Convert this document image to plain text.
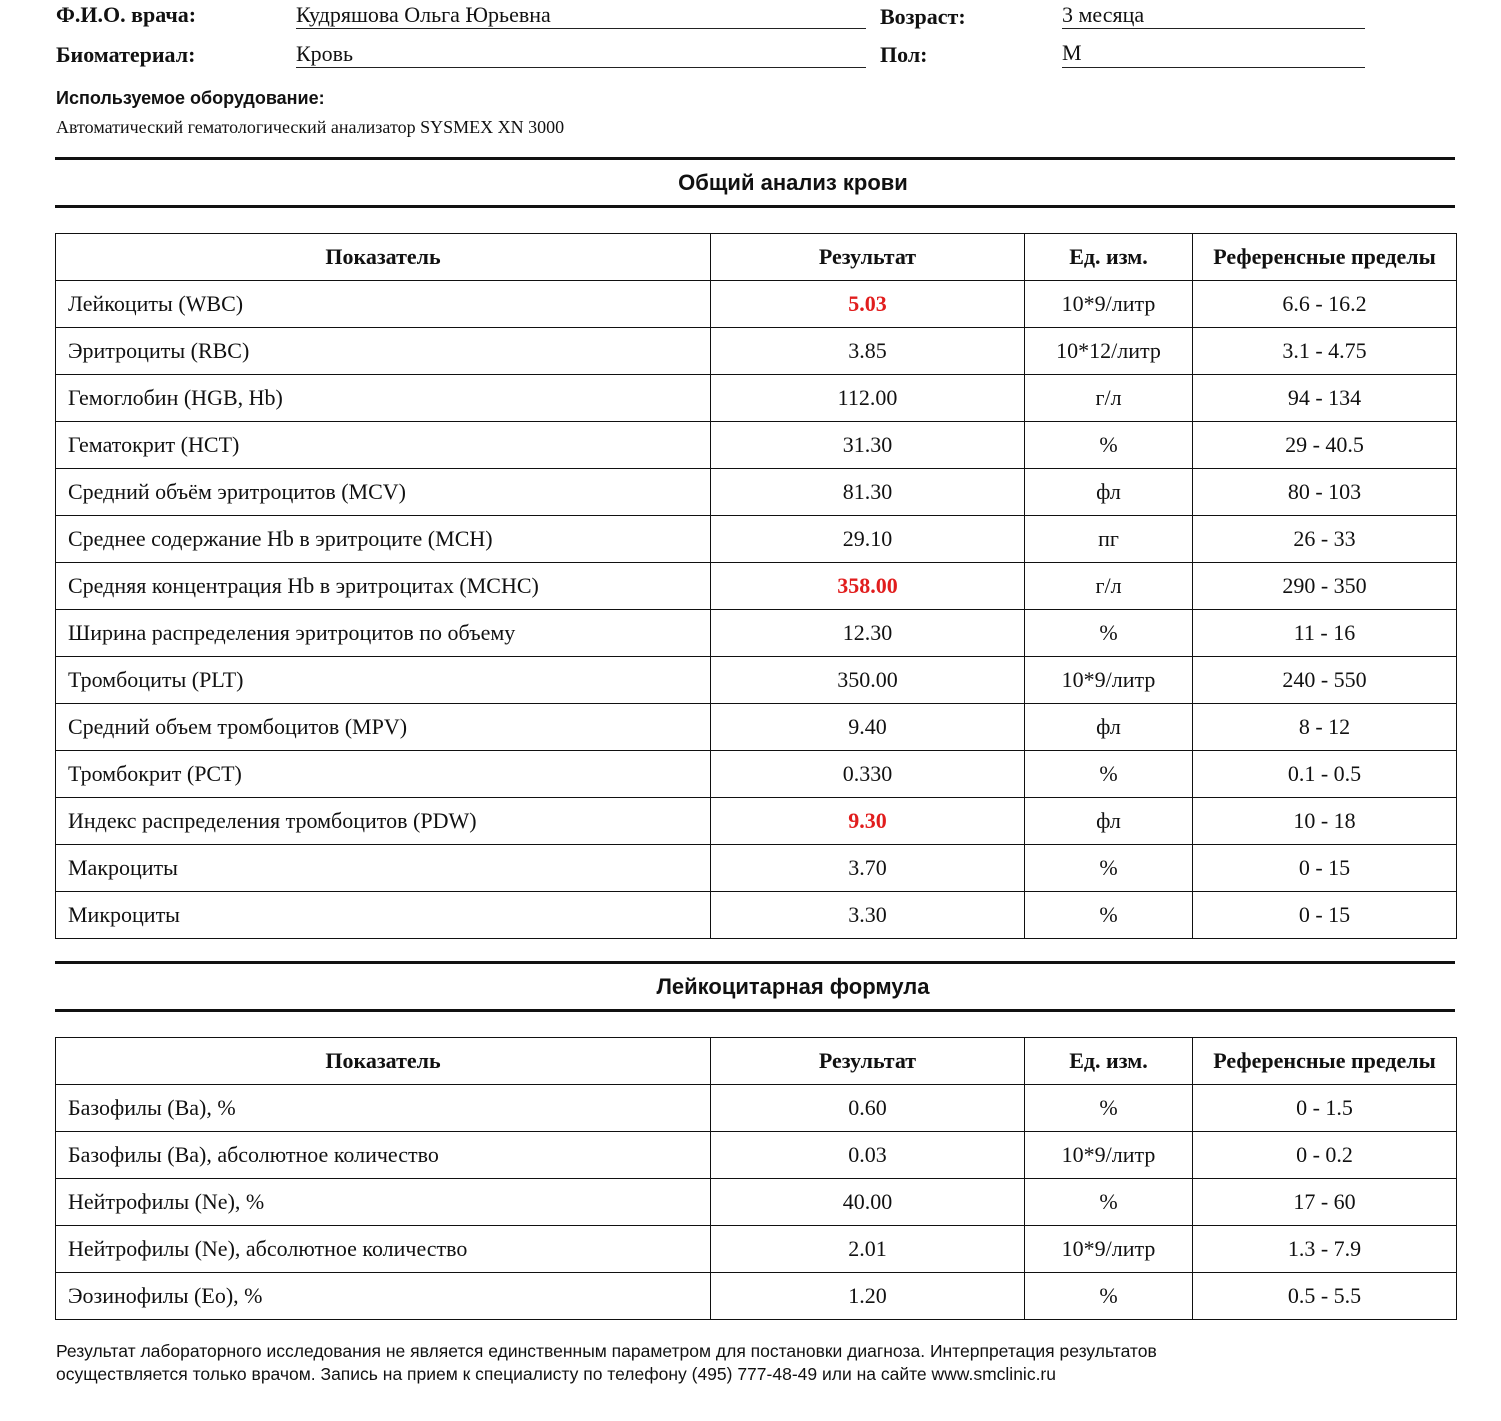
Ф.И.О. врача:	Кудряшова Ольга Юрьевна	Возраст:	3 месяца
Биоматериал:	Кровь	Пол:	М
Используемое оборудование:
Автоматический гематологический анализатор SYSMEX XN 3000
Общий анализ крови
Показатель	Результат	Ед. изм.	Референсные пределы
Лейкоциты (WBC)	5.03	10*9/литр	6.6 - 16.2
Эритроциты (RBC)	3.85	10*12/литр	3.1 - 4.75
Гемоглобин (HGB, Hb)	112.00	г/л	94 - 134
Гематокрит (HCT)	31.30	%	29 - 40.5
Средний объём эритроцитов (MCV)	81.30	фл	80 - 103
Среднее содержание Hb в эритроците (MCH)	29.10	пг	26 - 33
Средняя концентрация Hb в эритроцитах (MCHC)	358.00	г/л	290 - 350
Ширина распределения эритроцитов по объему	12.30	%	11 - 16
Тромбоциты (PLT)	350.00	10*9/литр	240 - 550
Средний объем тромбоцитов (MPV)	9.40	фл	8 - 12
Тромбокрит (PCT)	0.330	%	0.1 - 0.5
Индекс распределения тромбоцитов (PDW)	9.30	фл	10 - 18
Макроциты	3.70	%	0 - 15
Микроциты	3.30	%	0 - 15
Лейкоцитарная формула
Показатель	Результат	Ед. изм.	Референсные пределы
Базофилы (Ba), %	0.60	%	0 - 1.5
Базофилы (Ba), абсолютное количество	0.03	10*9/литр	0 - 0.2
Нейтрофилы (Ne), %	40.00	%	17 - 60
Нейтрофилы (Ne), абсолютное количество	2.01	10*9/литр	1.3 - 7.9
Эозинофилы (Eo), %	1.20	%	0.5 - 5.5
Результат лабораторного исследования не является единственным параметром для постановки диагноза. Интерпретация результатов
осуществляется только врачом. Запись на прием к специалисту по телефону (495) 777-48-49 или на сайте www.smclinic.ru
